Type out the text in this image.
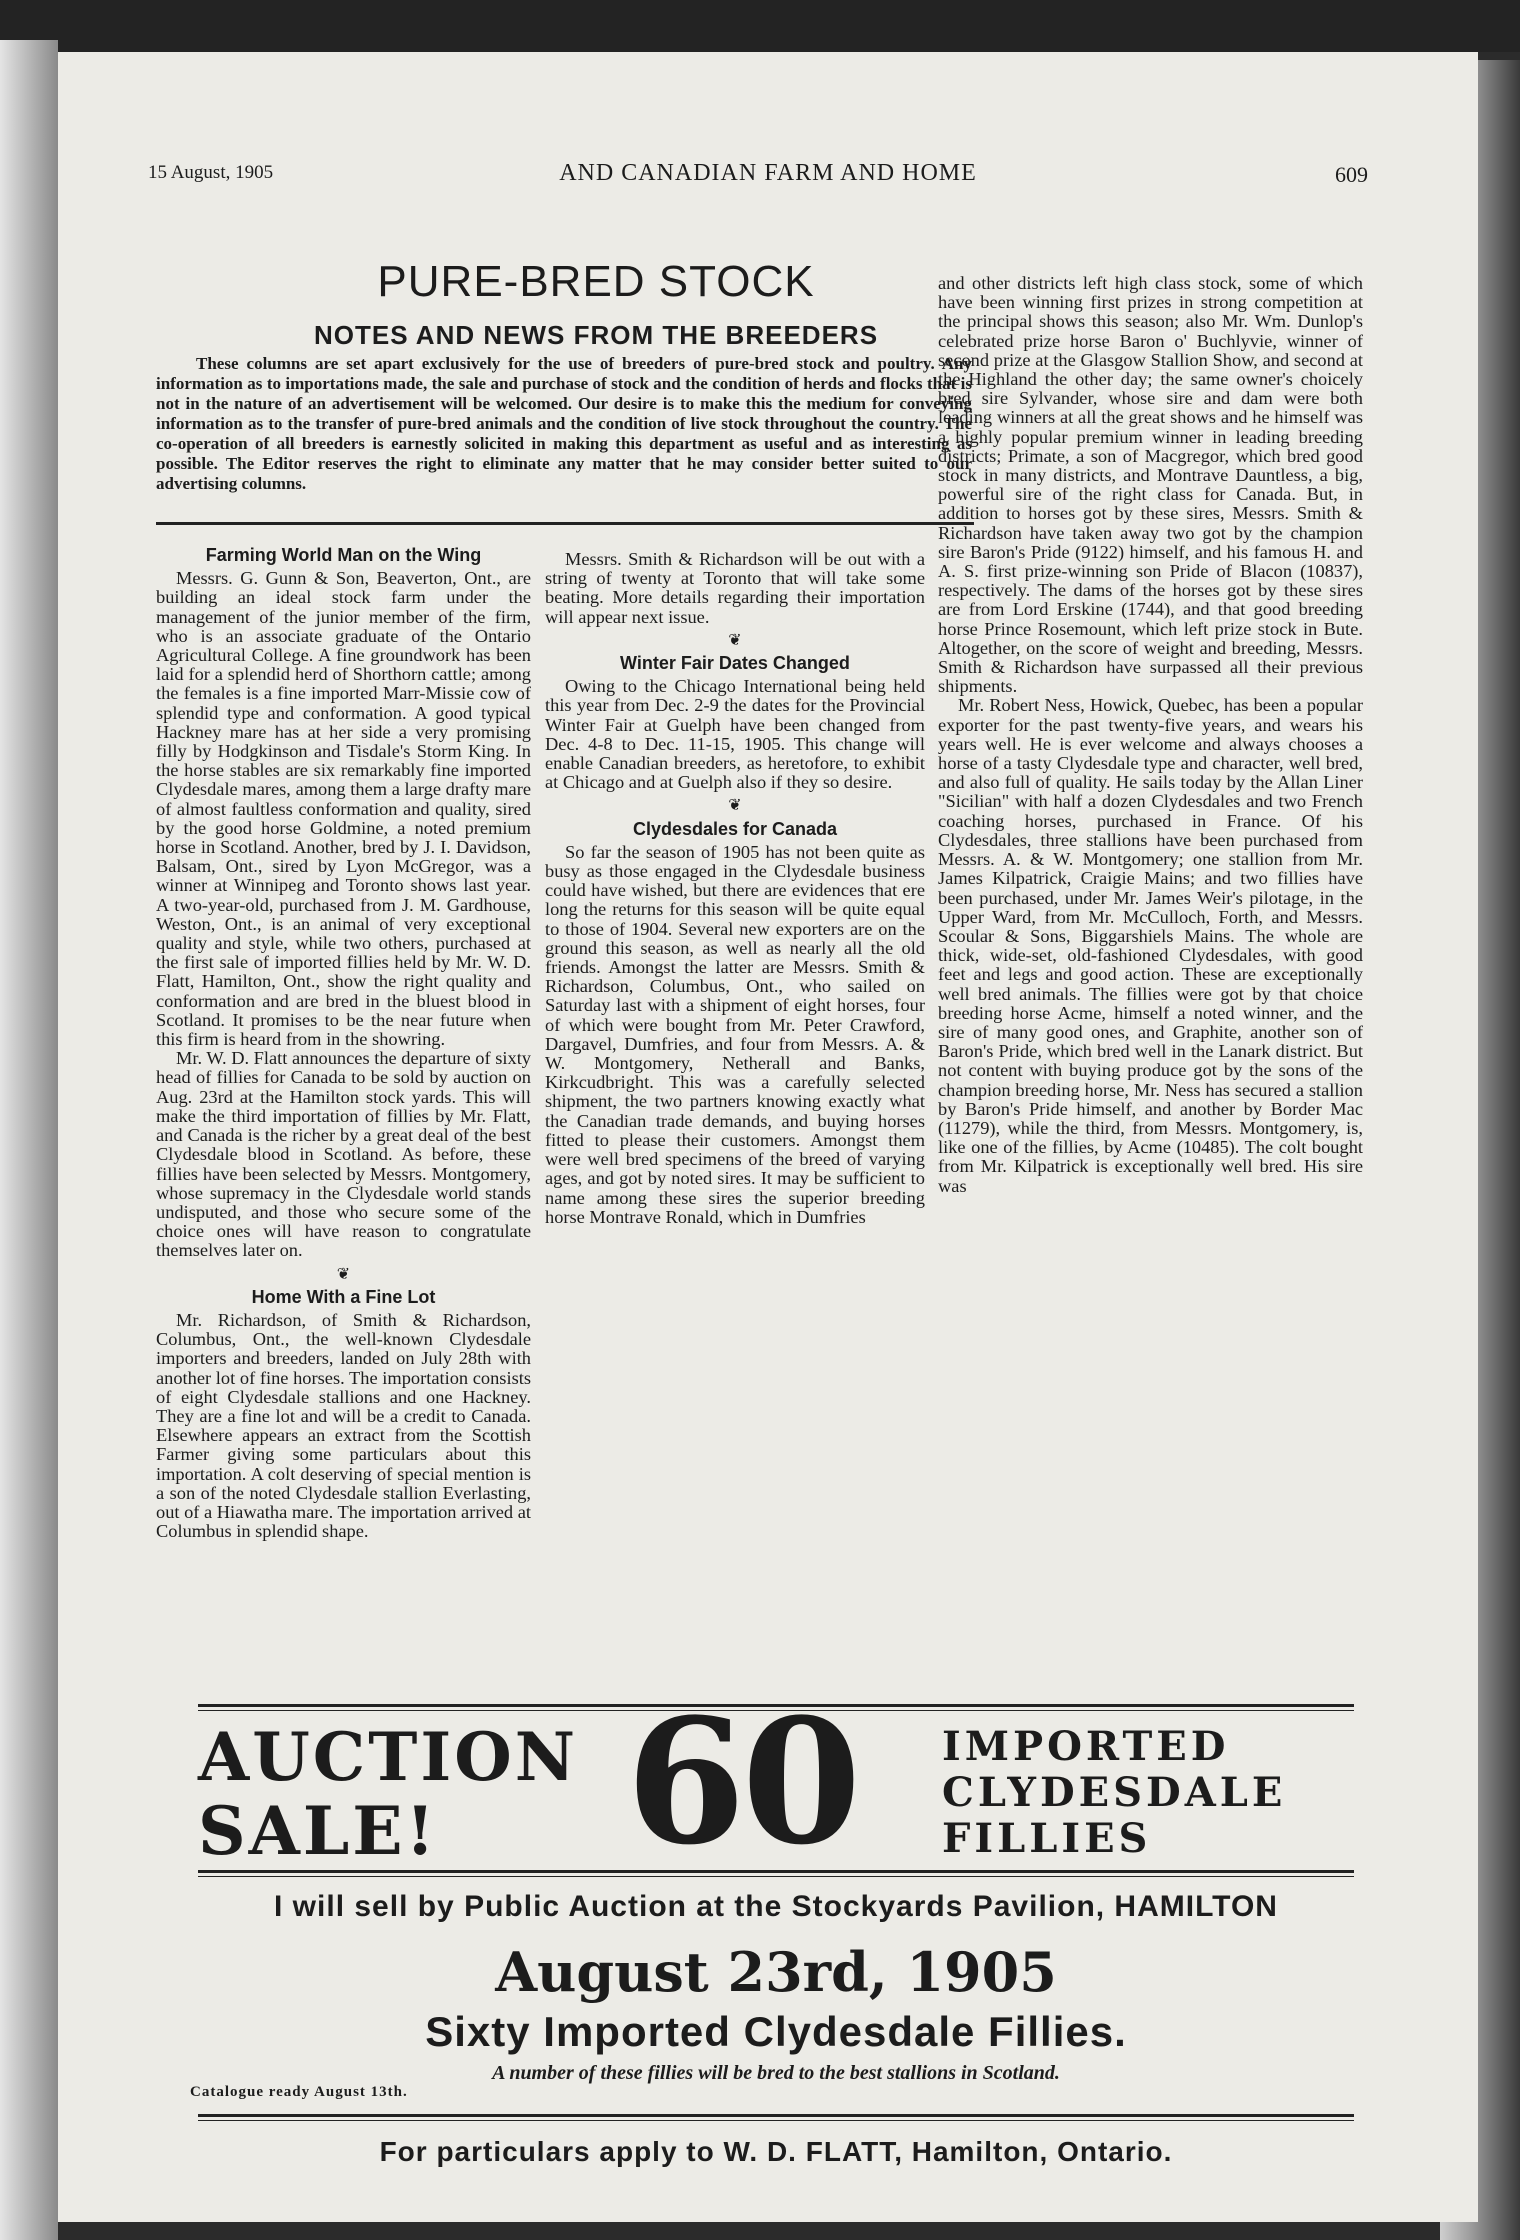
15 August, 1905	AND CANADIAN FARM AND HOME	609
PURE-BRED STOCK
NOTES AND NEWS FROM THE BREEDERS
These columns are set apart exclusively for the use of breeders of pure-bred stock and poultry. Any information as to importations made, the sale and purchase of stock and the condition of herds and flocks that is not in the nature of an advertisement will be welcomed. Our desire is to make this the medium for conveying information as to the transfer of pure-bred animals and the condition of live stock throughout the country. The co-operation of all breeders is earnestly solicited in making this department as useful and as interesting as possible. The Editor reserves the right to eliminate any matter that he may consider better suited to our advertising columns.
Farming World Man on the Wing

Messrs. G. Gunn & Son, Beaverton, Ont., are building an ideal stock farm under the management of the junior member of the firm, who is an associate graduate of the Ontario Agricultural College. A fine groundwork has been laid for a splendid herd of Shorthorn cattle; among the females is a fine imported Marr-Missie cow of splendid type and conformation. A good typical Hackney mare has at her side a very promising filly by Hodgkinson and Tisdale's Storm King. In the horse stables are six remarkably fine imported Clydesdale mares, among them a large drafty mare of almost faultless conformation and quality, sired by the good horse Goldmine, a noted premium horse in Scotland. Another, bred by J. I. Davidson, Balsam, Ont., sired by Lyon McGregor, was a winner at Winnipeg and Toronto shows last year. A two-year-old, purchased from J. M. Gardhouse, Weston, Ont., is an animal of very exceptional quality and style, while two others, purchased at the first sale of imported fillies held by Mr. W. D. Flatt, Hamilton, Ont., show the right quality and conformation and are bred in the bluest blood in Scotland. It promises to be the near future when this firm is heard from in the showring.

Mr. W. D. Flatt announces the departure of sixty head of fillies for Canada to be sold by auction on Aug. 23rd at the Hamilton stock yards. This will make the third importation of fillies by Mr. Flatt, and Canada is the richer by a great deal of the best Clydesdale blood in Scotland. As before, these fillies have been selected by Messrs. Montgomery, whose supremacy in the Clydesdale world stands undisputed, and those who secure some of the choice ones will have reason to congratulate themselves later on.

❦
Home With a Fine Lot

Mr. Richardson, of Smith & Richardson, Columbus, Ont., the well-known Clydesdale importers and breeders, landed on July 28th with another lot of fine horses. The importation consists of eight Clydesdale stallions and one Hackney. They are a fine lot and will be a credit to Canada. Elsewhere appears an extract from the Scottish Farmer giving some particulars about this importation. A colt deserving of special mention is a son of the noted Clydesdale stallion Everlasting, out of a Hiawatha mare. The importation arrived at Columbus in splendid shape.

Messrs. Smith & Richardson will be out with a string of twenty at Toronto that will take some beating. More details regarding their importation will appear next issue.

❦
Winter Fair Dates Changed

Owing to the Chicago International being held this year from Dec. 2-9 the dates for the Provincial Winter Fair at Guelph have been changed from Dec. 4-8 to Dec. 11-15, 1905. This change will enable Canadian breeders, as heretofore, to exhibit at Chicago and at Guelph also if they so desire.

❦
Clydesdales for Canada

So far the season of 1905 has not been quite as busy as those engaged in the Clydesdale business could have wished, but there are evidences that ere long the returns for this season will be quite equal to those of 1904. Several new exporters are on the ground this season, as well as nearly all the old friends. Amongst the latter are Messrs. Smith & Richardson, Columbus, Ont., who sailed on Saturday last with a shipment of eight horses, four of which were bought from Mr. Peter Crawford, Dargavel, Dumfries, and four from Messrs. A. & W. Montgomery, Netherall and Banks, Kirkcudbright. This was a carefully selected shipment, the two partners knowing exactly what the Canadian trade demands, and buying horses fitted to please their customers. Amongst them were well bred specimens of the breed of varying ages, and got by noted sires. It may be sufficient to name among these sires the superior breeding horse Montrave Ronald, which in Dumfries

and other districts left high class stock, some of which have been winning first prizes in strong competition at the principal shows this season; also Mr. Wm. Dunlop's celebrated prize horse Baron o' Buchlyvie, winner of second prize at the Glasgow Stallion Show, and second at the Highland the other day; the same owner's choicely bred sire Sylvander, whose sire and dam were both leading winners at all the great shows and he himself was a highly popular premium winner in leading breeding districts; Primate, a son of Macgregor, which bred good stock in many districts, and Montrave Dauntless, a big, powerful sire of the right class for Canada. But, in addition to horses got by these sires, Messrs. Smith & Richardson have taken away two got by the champion sire Baron's Pride (9122) himself, and his famous H. and A. S. first prize-winning son Pride of Blacon (10837), respectively. The dams of the horses got by these sires are from Lord Erskine (1744), and that good breeding horse Prince Rosemount, which left prize stock in Bute. Altogether, on the score of weight and breeding, Messrs. Smith & Richardson have surpassed all their previous shipments.

Mr. Robert Ness, Howick, Quebec, has been a popular exporter for the past twenty-five years, and wears his years well. He is ever welcome and always chooses a horse of a tasty Clydesdale type and character, well bred, and also full of quality. He sails today by the Allan Liner "Sicilian" with half a dozen Clydesdales and two French coaching horses, purchased in France. Of his Clydesdales, three stallions have been purchased from Messrs. A. & W. Montgomery; one stallion from Mr. James Kilpatrick, Craigie Mains; and two fillies have been purchased, under Mr. James Weir's pilotage, in the Upper Ward, from Mr. McCulloch, Forth, and Messrs. Scoular & Sons, Biggarshiels Mains. The whole are thick, wide-set, old-fashioned Clydesdales, with good feet and legs and good action. These are exceptionally well bred animals. The fillies were got by that choice breeding horse Acme, himself a noted winner, and the sire of many good ones, and Graphite, another son of Baron's Pride, which bred well in the Lanark district. But not content with buying produce got by the sons of the champion breeding horse, Mr. Ness has secured a stallion by Baron's Pride himself, and another by Border Mac (11279), while the third, from Messrs. Montgomery, is, like one of the fillies, by Acme (10485). The colt bought from Mr. Kilpatrick is exceptionally well bred. His sire was

AUCTION
SALE!	60 IMPORTED
CLYDESDALE
FILLIES
I will sell by Public Auction at the Stockyards Pavilion, HAMILTON
August 23rd, 1905
Sixty Imported Clydesdale Fillies.
A number of these fillies will be bred to the best stallions in Scotland.
Catalogue ready August 13th.
For particulars apply to W. D. FLATT, Hamilton, Ontario.
